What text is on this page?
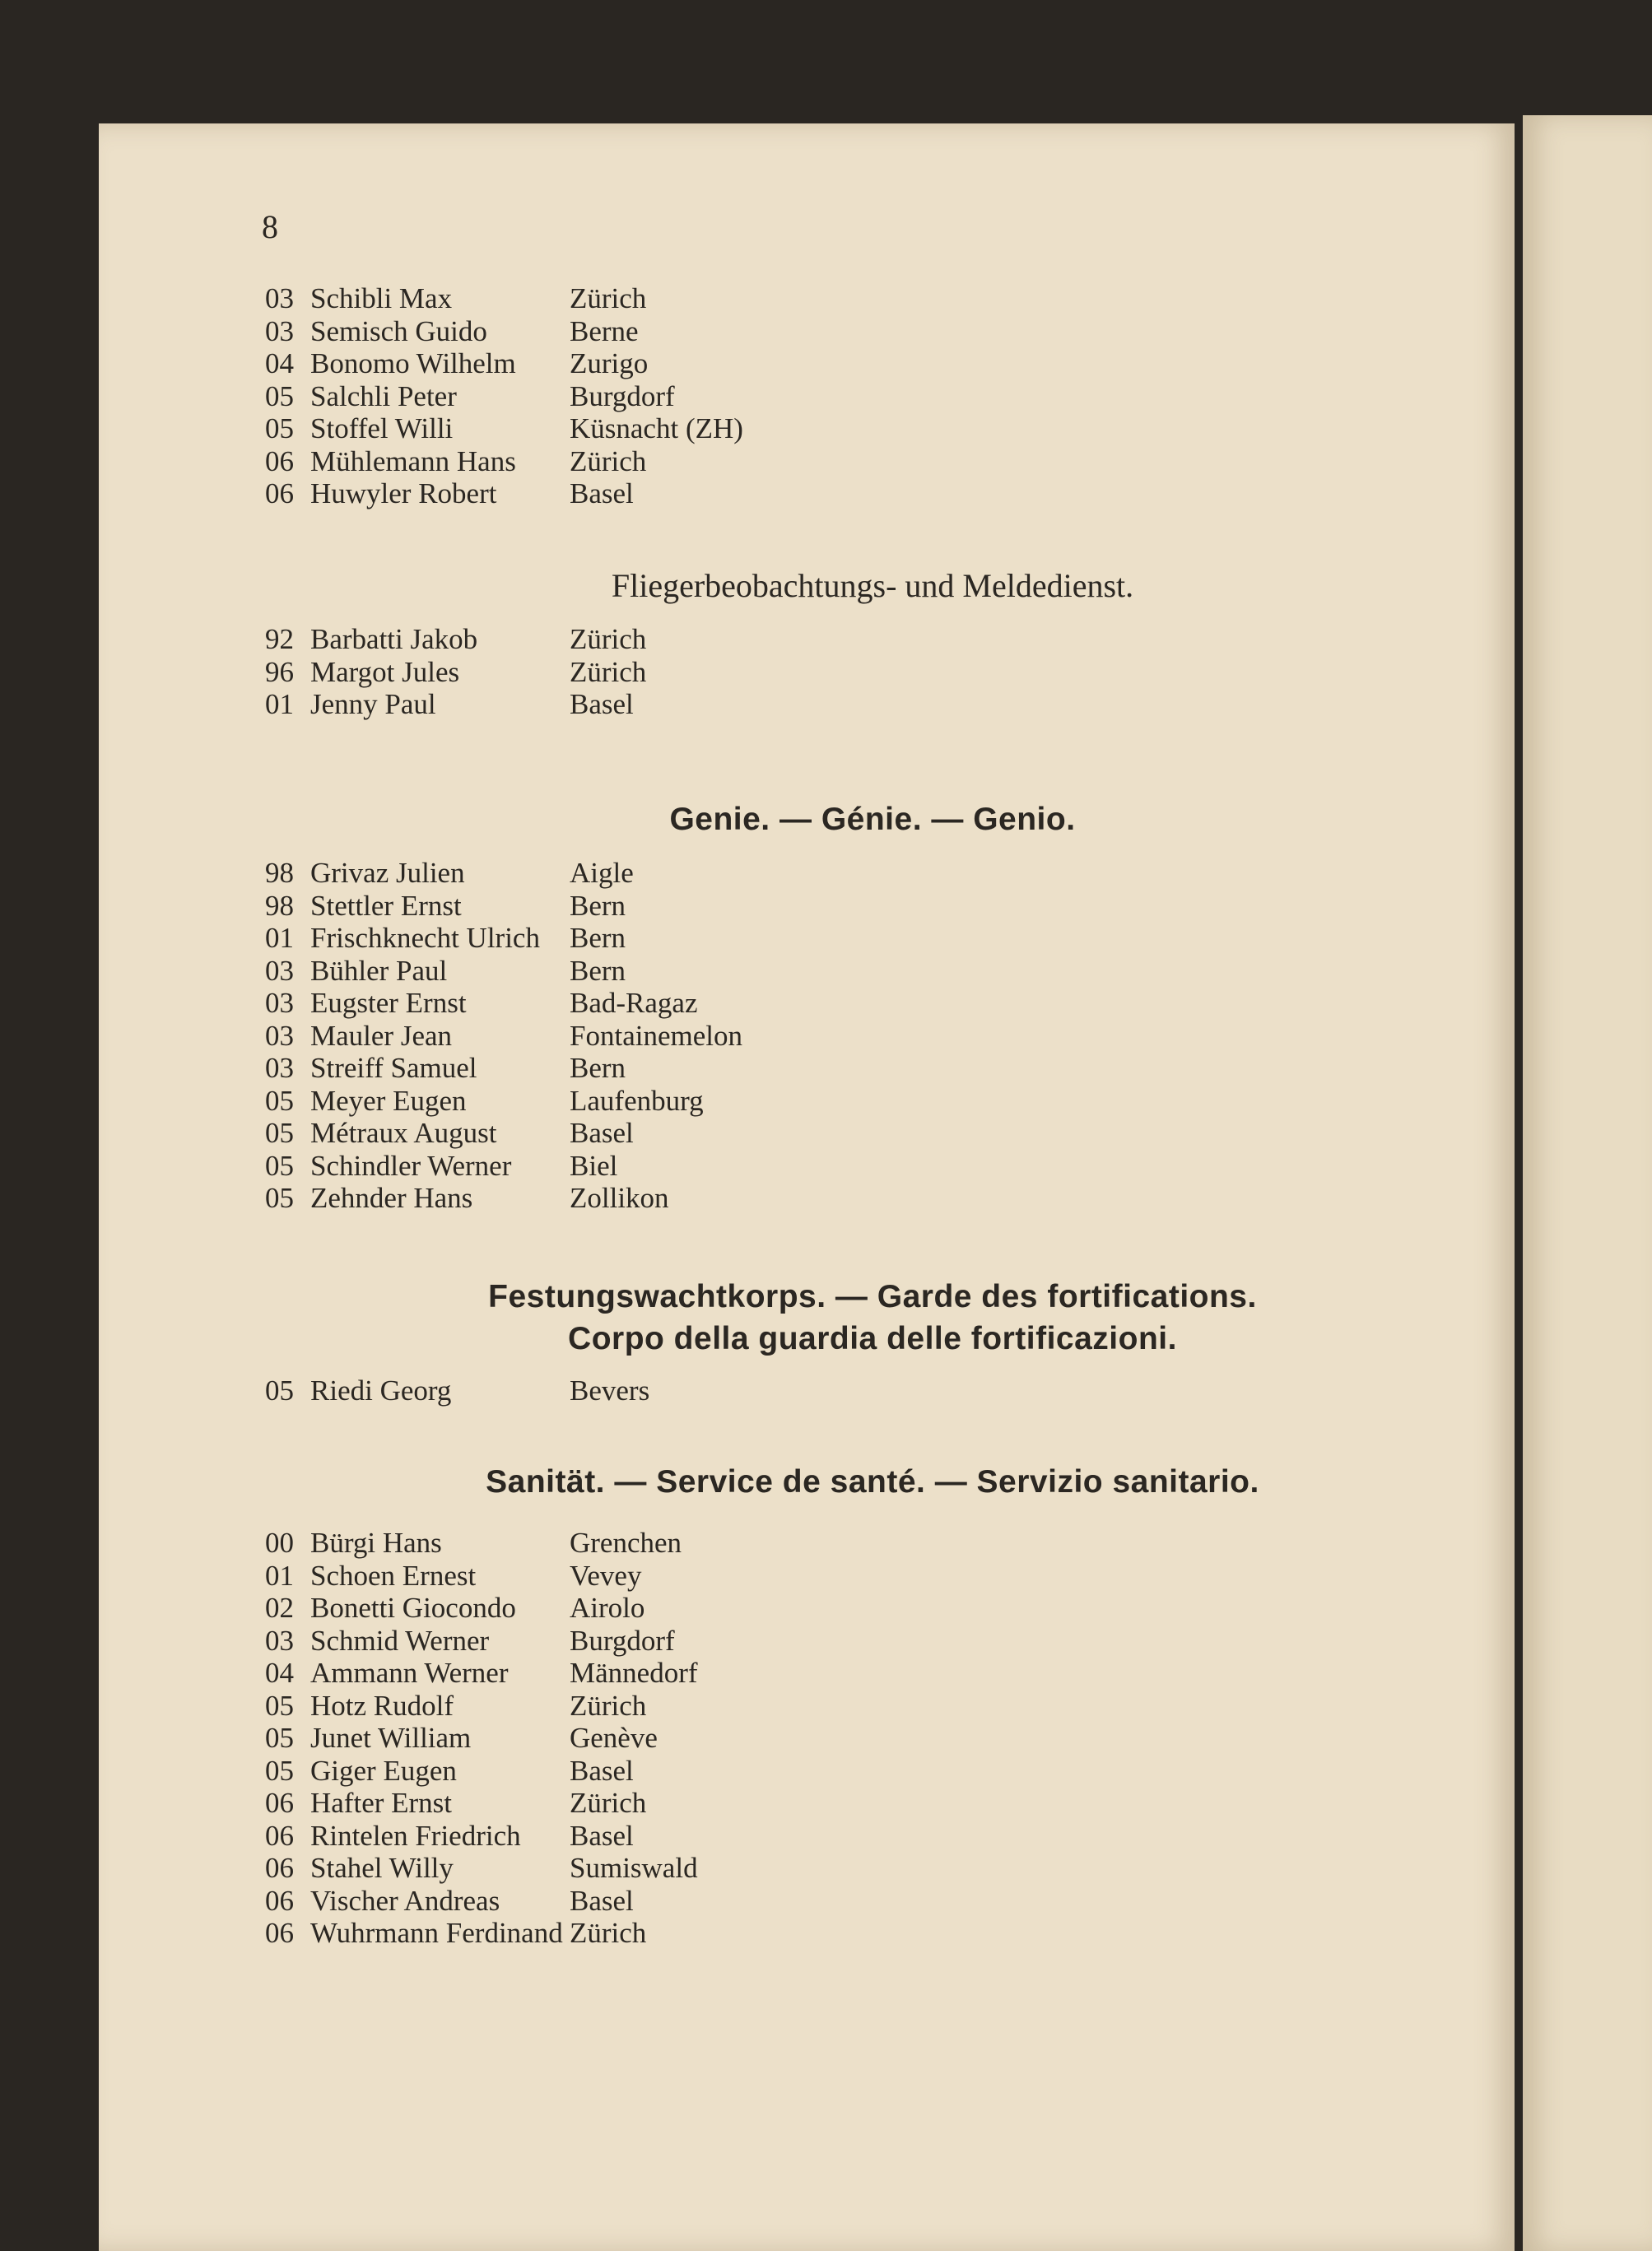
8
03 Schibli Max	Zürich
03 Semisch Guido	Berne
04 Bonomo Wilhelm Zurigo
05 Salchli Peter	Burgdorf
05 Stoffel Willi	Küsnacht (ZH)
06 Mühlemann Hans Zürich
06 Huwyler Robert	Basel
Fliegerbeobachtungs- und Meldedienst.
92 Barbatti Jakob	Zürich
96 Margot Jules	Zürich
01 Jenny Paul	Basel
Genie. — Génie. — Genio.
98 Grivaz Julien	Aigle
98 Stettler Ernst	Bern
01 Frischknecht Ulrich Bern
03 Bühler Paul	Bern
03 Eugster Ernst	Bad-Ragaz
03 Mauler Jean	Fontainemelon
03 Streiff Samuel	Bern
05 Meyer Eugen	Laufenburg
05 Métraux August	Basel
05 Schindler Werner Biel
05 Zehnder Hans	Zollikon
Festungswachtkorps. — Garde des fortifications.
Corpo della guardia delle fortificazioni.
05 Riedi Georg	Bevers
Sanität. — Service de santé. — Servizio sanitario.
00 Bürgi Hans	Grenchen
01 Schoen Ernest	Vevey
02 Bonetti Giocondo Airolo
03 Schmid Werner	Burgdorf
04 Ammann Werner Männedorf
05 Hotz Rudolf	Zürich
05 Junet William	Genève
05 Giger Eugen	Basel
06 Hafter Ernst	Zürich
06 Rintelen Friedrich Basel
06 Stahel Willy	Sumiswald
06 Vischer Andreas Basel
06 Wuhrmann Ferdinand Zürich
